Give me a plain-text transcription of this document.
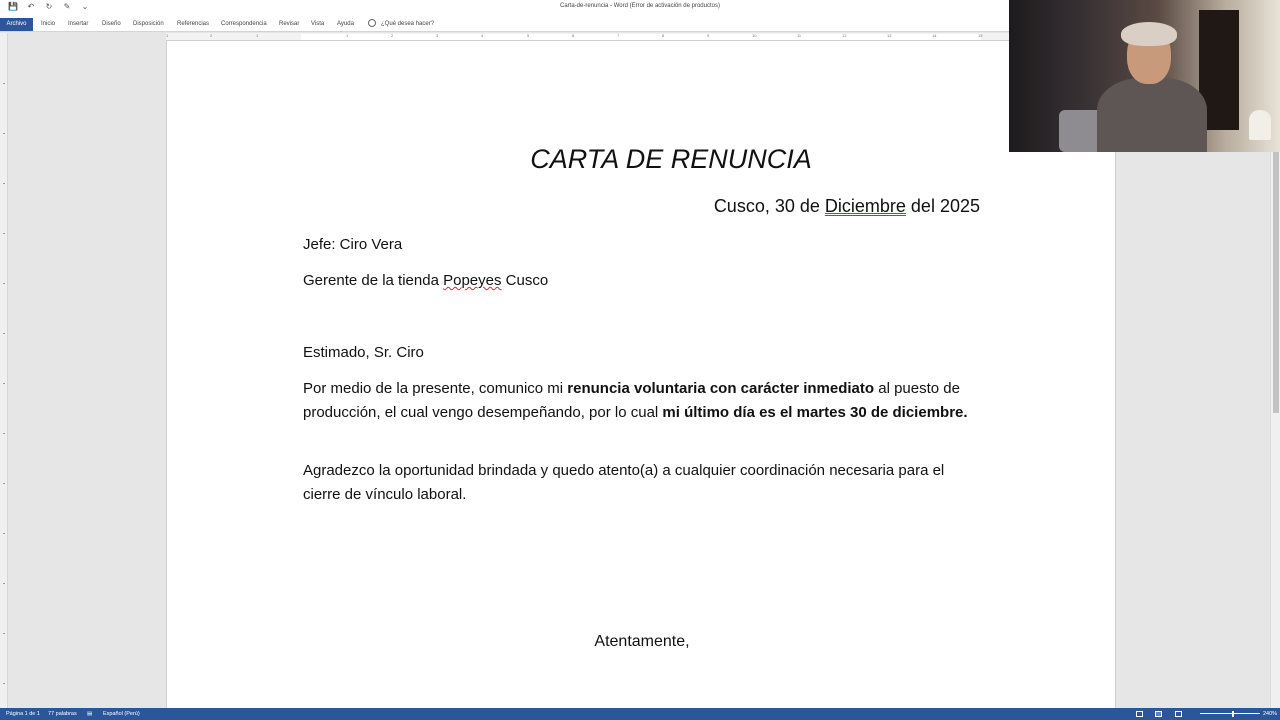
💾 ↶ ↻ ✎ ⌄	Carta-de-renuncia - Word (Error de activación de productos)
Archivo	Inicio Insertar Diseño Disposición Referencias Correspondencia Revisar Vista Ayuda	¿Qué desea hacer?
1	2	1	1	2	3	4	5	6	7	8	9	10	11	12	13	14	15
CARTA DE RENUNCIA
Cusco, 30 de Diciembre del 2025
Jefe: Ciro Vera
Gerente de la tienda Popeyes Cusco
Estimado, Sr. Ciro
Por medio de la presente, comunico mi renuncia voluntaria con carácter inmediato al puesto de producción, el cual vengo desempeñando, por lo cual mi último día es el martes 30 de diciembre.
Agradezco la oportunidad brindada y quedo atento(a) a cualquier coordinación necesaria para el cierre de vínculo laboral.
Atentamente,
Página 1 de 1 77 palabras ▤ Español (Perú)	240%
